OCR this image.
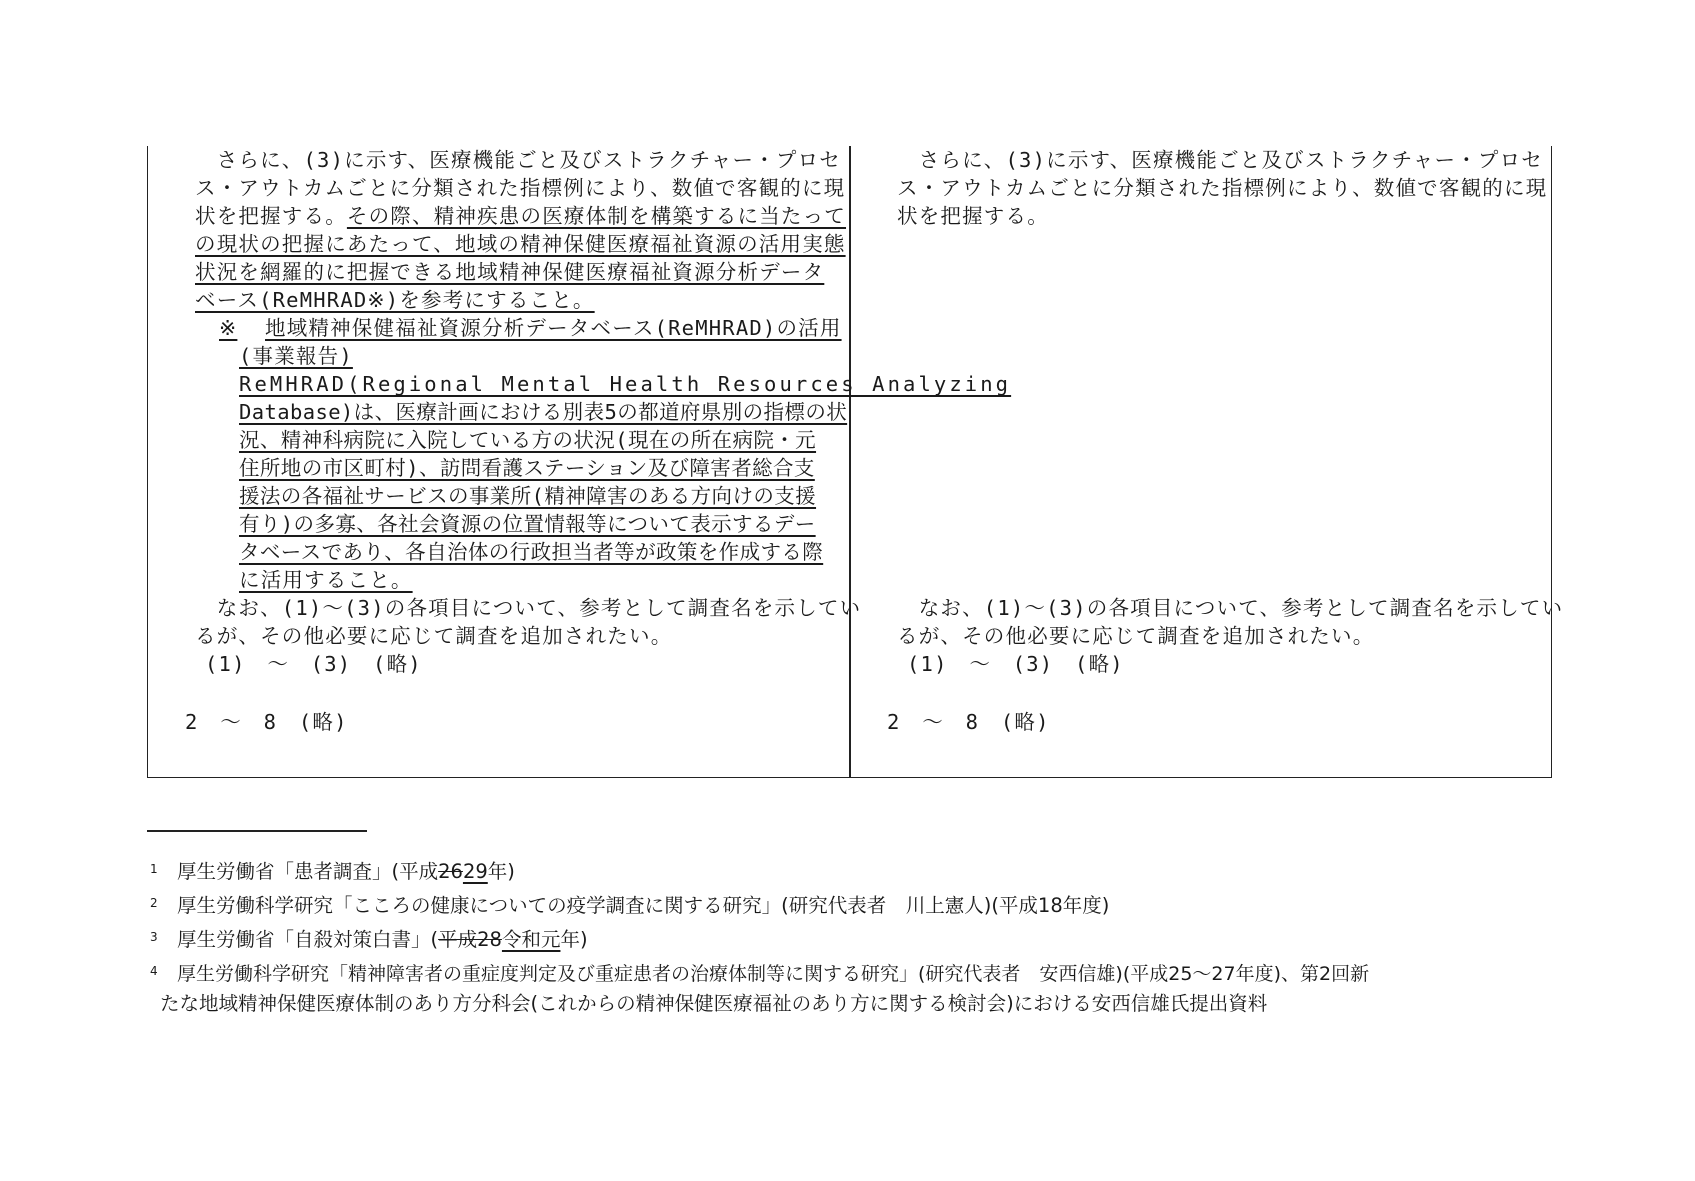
　さらに、(3)に示す、医療機能ごと及びストラクチャー・プロセ
ス・アウトカムごとに分類された指標例により、数値で客観的に現
状を把握する。その際、精神疾患の医療体制を構築するに当たって
の現状の把握にあたって、地域の精神保健医療福祉資源の活用実態
状況を網羅的に把握できる地域精神保健医療福祉資源分析データ
ベース(ReMHRAD※)を参考にすること。
※ 地域精神保健福祉資源分析データベース(ReMHRAD)の活用
(事業報告)
ReMHRAD(Regional Mental Health Resources Analyzing
Database)は、医療計画における別表5の都道府県別の指標の状
況、精神科病院に入院している方の状況(現在の所在病院・元
住所地の市区町村)、訪問看護ステーション及び障害者総合支
援法の各福祉サービスの事業所(精神障害のある方向けの支援
有り)の多寡、各社会資源の位置情報等について表示するデー
タベースであり、各自治体の行政担当者等が政策を作成する際
に活用すること。
　なお、(1)～(3)の各項目について、参考として調査名を示してい
るが、その他必要に応じて調査を追加されたい。
(1)　～　(3)　(略)
2　～　8　(略)
　さらに、(3)に示す、医療機能ごと及びストラクチャー・プロセ
ス・アウトカムごとに分類された指標例により、数値で客観的に現
状を把握する。
　なお、(1)～(3)の各項目について、参考として調査名を示してい
るが、その他必要に応じて調査を追加されたい。
(1)　～　(3)　(略)
2　～　8　(略)
1 厚生労働省「患者調査」(平成2629年)
2 厚生労働科学研究「こころの健康についての疫学調査に関する研究」(研究代表者　川上憲人)(平成18年度)
3 厚生労働省「自殺対策白書」(平成28令和元年)
4 厚生労働科学研究「精神障害者の重症度判定及び重症患者の治療体制等に関する研究」(研究代表者　安西信雄)(平成25～27年度)、第2回新
たな地域精神保健医療体制のあり方分科会(これからの精神保健医療福祉のあり方に関する検討会)における安西信雄氏提出資料
